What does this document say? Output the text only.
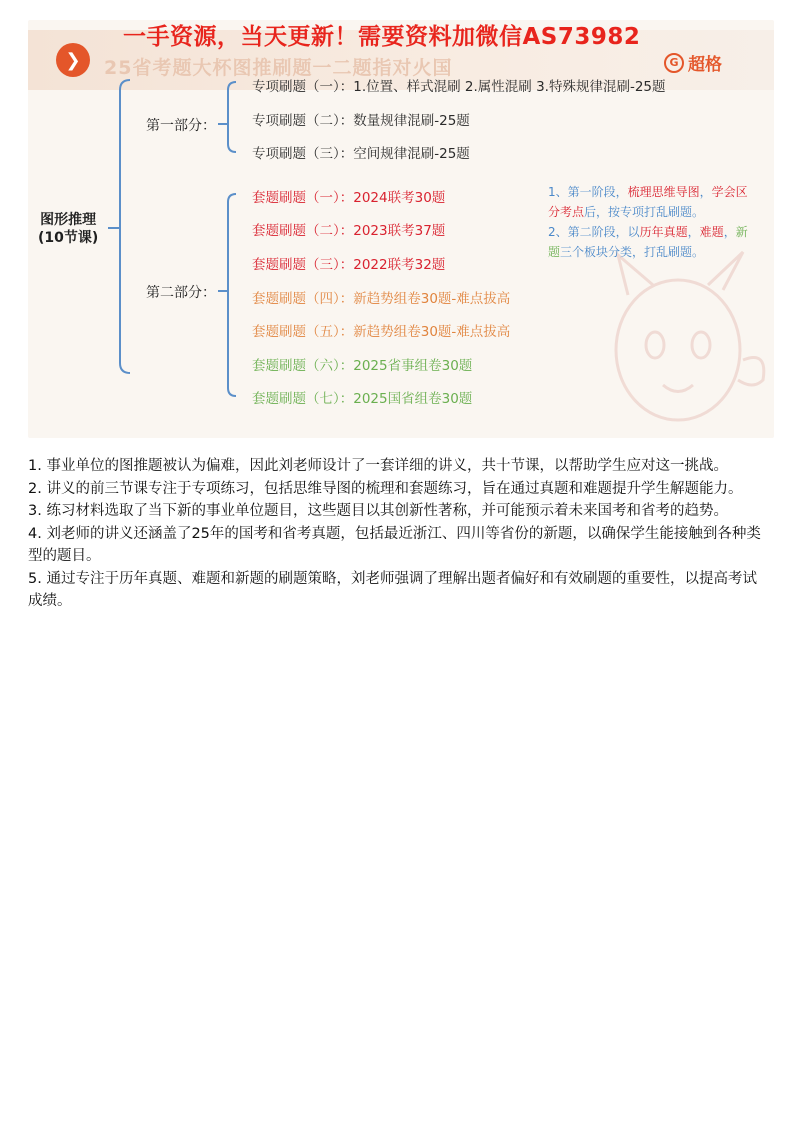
❯	25省考题大杯图推刷题一二题指对火国	G 超格
一手资源，当天更新！需要资料加微信AS73982
图形推理
(10节课)
第一部分：
专项刷题（一）：1.位置、样式混刷 2.属性混刷 3.特殊规律混刷-25题
专项刷题（二）：数量规律混刷-25题
专项刷题（三）：空间规律混刷-25题
第二部分：
套题刷题（一）：2024联考30题
套题刷题（二）：2023联考37题
套题刷题（三）：2022联考32题
套题刷题（四）：新趋势组卷30题-难点拔高
套题刷题（五）：新趋势组卷30题-难点拔高
套题刷题（六）：2025省事组卷30题
套题刷题（七）：2025国省组卷30题
1、第一阶段，梳理思维导图，学会区
分考点后，按专项打乱刷题。
2、第二阶段，以历年真题，难题，新
题三个板块分类，打乱刷题。

1. 事业单位的图推题被认为偏难，因此刘老师设计了一套详细的讲义，共十节课，以帮助学生应对这一挑战。

2. 讲义的前三节课专注于专项练习，包括思维导图的梳理和套题练习，旨在通过真题和难题提升学生解题能力。

3. 练习材料选取了当下新的事业单位题目，这些题目以其创新性著称，并可能预示着未来国考和省考的趋势。

4. 刘老师的讲义还涵盖了25年的国考和省考真题，包括最近浙江、四川等省份的新题，以确保学生能接触到各种类型的题目。

5. 通过专注于历年真题、难题和新题的刷题策略，刘老师强调了理解出题者偏好和有效刷题的重要性，以提高考试成绩。
